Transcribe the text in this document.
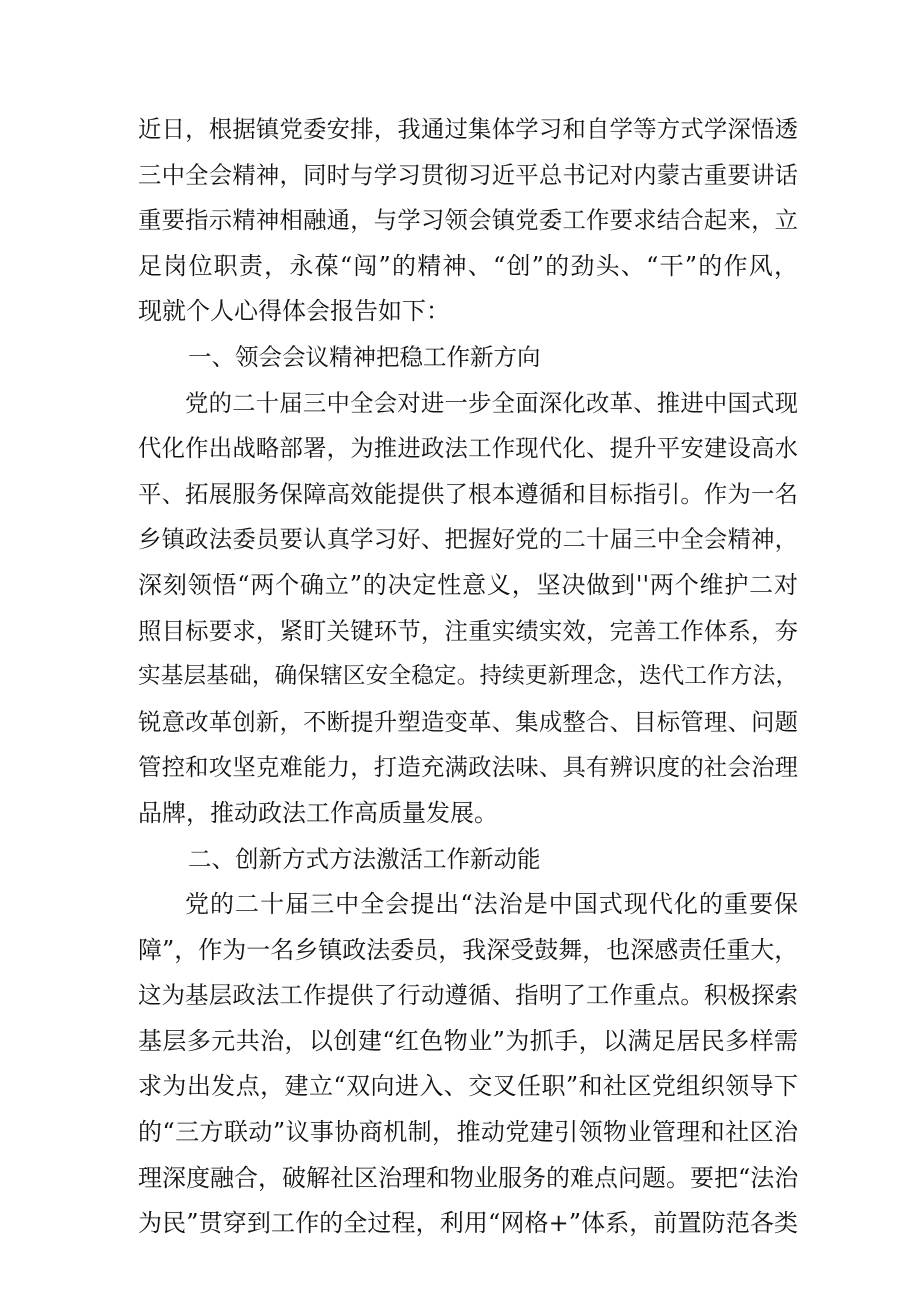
近日，根据镇党委安排，我通过集体学习和自学等方式学深悟透
三中全会精神，同时与学习贯彻习近平总书记对内蒙古重要讲话
重要指示精神相融通，与学习领会镇党委工作要求结合起来，立
足岗位职责，永葆“闯”的精神、“创”的劲头、“干”的作风，
现就个人心得体会报告如下：
一、领会会议精神把稳工作新方向
党的二十届三中全会对进一步全面深化改革、推进中国式现
代化作出战略部署，为推进政法工作现代化、提升平安建设高水
平、拓展服务保障高效能提供了根本遵循和目标指引。作为一名
乡镇政法委员要认真学习好、把握好党的二十届三中全会精神，
深刻领悟“两个确立”的决定性意义，坚决做到''两个维护二对
照目标要求，紧盯关键环节，注重实绩实效，完善工作体系，夯
实基层基础，确保辖区安全稳定。持续更新理念，迭代工作方法，
锐意改革创新，不断提升塑造变革、集成整合、目标管理、问题
管控和攻坚克难能力，打造充满政法味、具有辨识度的社会治理
品牌，推动政法工作高质量发展。
二、创新方式方法激活工作新动能
党的二十届三中全会提出“法治是中国式现代化的重要保
障”，作为一名乡镇政法委员，我深受鼓舞，也深感责任重大，
这为基层政法工作提供了行动遵循、指明了工作重点。积极探索
基层多元共治，以创建“红色物业”为抓手，以满足居民多样需
求为出发点，建立“双向进入、交叉任职”和社区党组织领导下
的“三方联动”议事协商机制，推动党建引领物业管理和社区治
理深度融合，破解社区治理和物业服务的难点问题。要把“法治
为民”贯穿到工作的全过程，利用“网格+”体系，前置防范各类
